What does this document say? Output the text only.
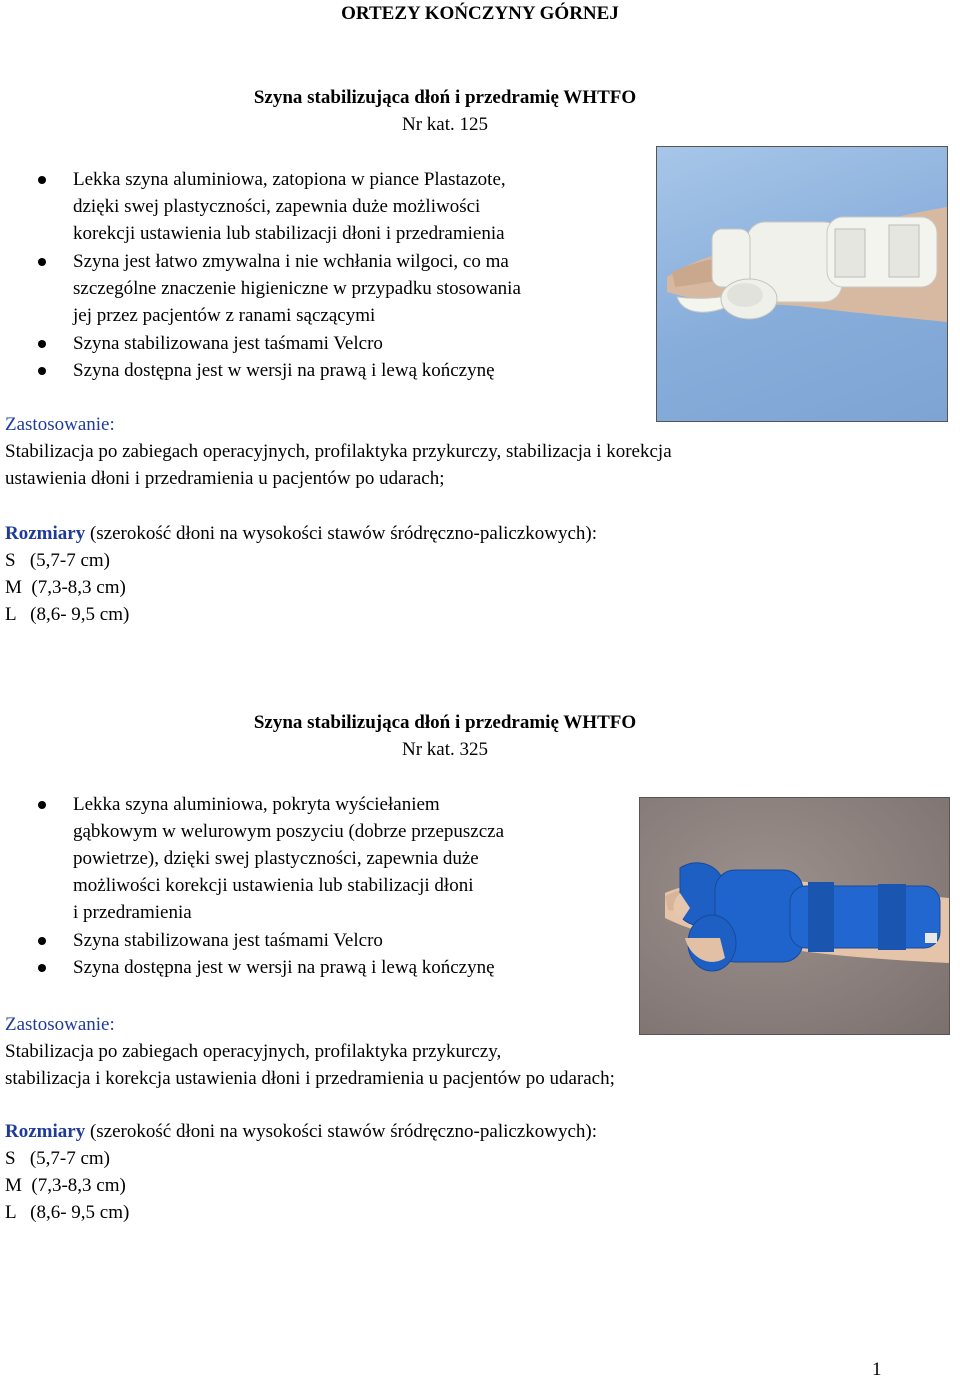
ORTEZY KOŃCZYNY GÓRNEJ
Szyna stabilizująca dłoń i przedramię WHTFO
Nr kat. 125
Lekka szyna aluminiowa, zatopiona w piance Plastazote,
dzięki swej plastyczności, zapewnia duże możliwości
korekcji ustawienia lub stabilizacji dłoni i przedramienia
Szyna jest łatwo zmywalna i nie wchłania wilgoci, co ma
szczególne znaczenie higieniczne w przypadku stosowania
jej przez pacjentów z ranami sączącymi
Szyna stabilizowana jest taśmami Velcro
Szyna dostępna jest w wersji na prawą i lewą kończynę
Zastosowanie:
Stabilizacja po zabiegach operacyjnych, profilaktyka przykurczy, stabilizacja i korekcja
ustawienia dłoni i przedramienia u pacjentów po udarach;
Rozmiary (szerokość dłoni na wysokości stawów śródręczno-paliczkowych):
S   (5,7-7 cm)
M  (7,3-8,3 cm)
L   (8,6- 9,5 cm)
Szyna stabilizująca dłoń i przedramię WHTFO
Nr kat. 325
Lekka szyna aluminiowa, pokryta wyściełaniem
gąbkowym w welurowym poszyciu (dobrze przepuszcza
powietrze), dzięki swej plastyczności, zapewnia duże
możliwości korekcji ustawienia lub stabilizacji dłoni
i przedramienia
Szyna stabilizowana jest taśmami Velcro
Szyna dostępna jest w wersji na prawą i lewą kończynę
Zastosowanie:
Stabilizacja po zabiegach operacyjnych, profilaktyka przykurczy,
stabilizacja i korekcja ustawienia dłoni i przedramienia u pacjentów po udarach;
Rozmiary (szerokość dłoni na wysokości stawów śródręczno-paliczkowych):
S   (5,7-7 cm)
M  (7,3-8,3 cm)
L   (8,6- 9,5 cm)
1
